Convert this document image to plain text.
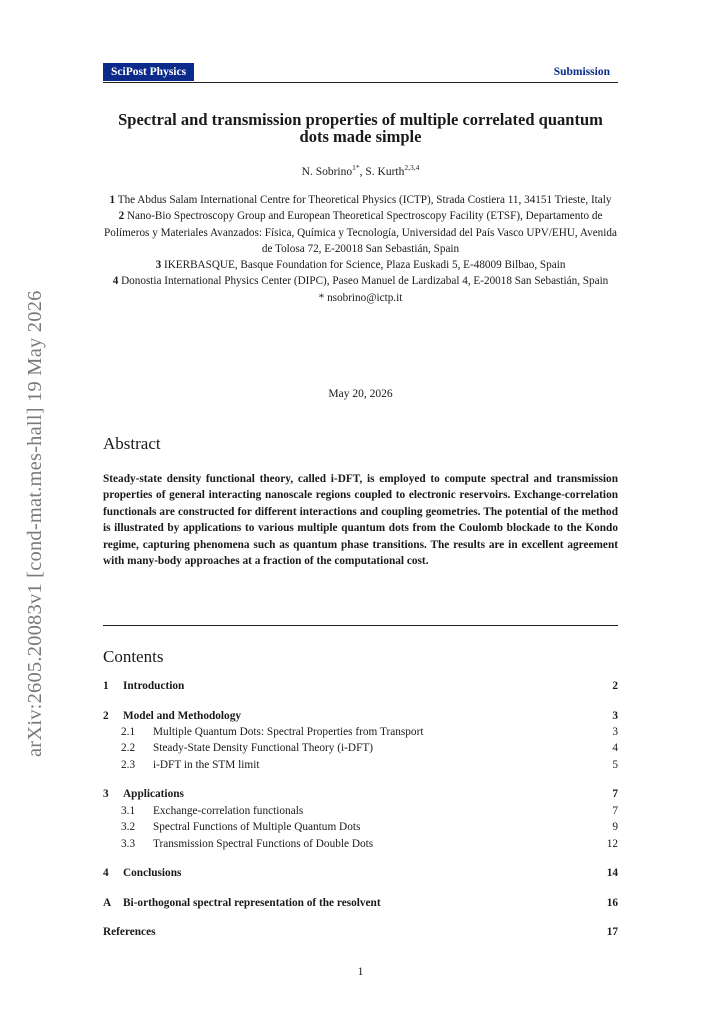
SciPost Physics	Submission
arXiv:2605.20083v1 [cond-mat.mes-hall] 19 May 2026
Spectral and transmission properties of multiple correlated quantum dots made simple
N. Sobrino$^{1*}$, S. Kurth$^{2,3,4}$

1 The Abdus Salam International Centre for Theoretical Physics (ICTP), Strada Costiera 11, 34151 Trieste, Italy

2 Nano-Bio Spectroscopy Group and European Theoretical Spectroscopy Facility (ETSF), Departamento de Polímeros y Materiales Avanzados: Física, Química y Tecnología, Universidad del País Vasco UPV/EHU, Avenida de Tolosa 72, E-20018 San Sebastián, Spain

3 IKERBASQUE, Basque Foundation for Science, Plaza Euskadi 5, E-48009 Bilbao, Spain

4 Donostia International Physics Center (DIPC), Paseo Manuel de Lardizabal 4, E-20018 San Sebastián, Spain

* nsobrino@ictp.it

May 20, 2026
Abstract
Steady-state density functional theory, called i-DFT, is employed to compute spectral and transmission properties of general interacting nanoscale regions coupled to electronic reservoirs. Exchange-correlation functionals are constructed for different interactions and coupling geometries. The potential of the method is illustrated by applications to various multiple quantum dots from the Coulomb blockade to the Kondo regime, capturing phenomena such as quantum phase transitions. The results are in excellent agreement with many-body approaches at a fraction of the computational cost.
Contents
1 Introduction	2
2 Model and Methodology	3
2.1 Multiple Quantum Dots: Spectral Properties from Transport	3
2.2 Steady-State Density Functional Theory (i-DFT)	4
2.3 i-DFT in the STM limit	5
3 Applications	7
3.1 Exchange-correlation functionals	7
3.2 Spectral Functions of Multiple Quantum Dots	9
3.3 Transmission Spectral Functions of Double Dots	12
4 Conclusions	14
A Bi-orthogonal spectral representation of the resolvent	16
References	17
1
